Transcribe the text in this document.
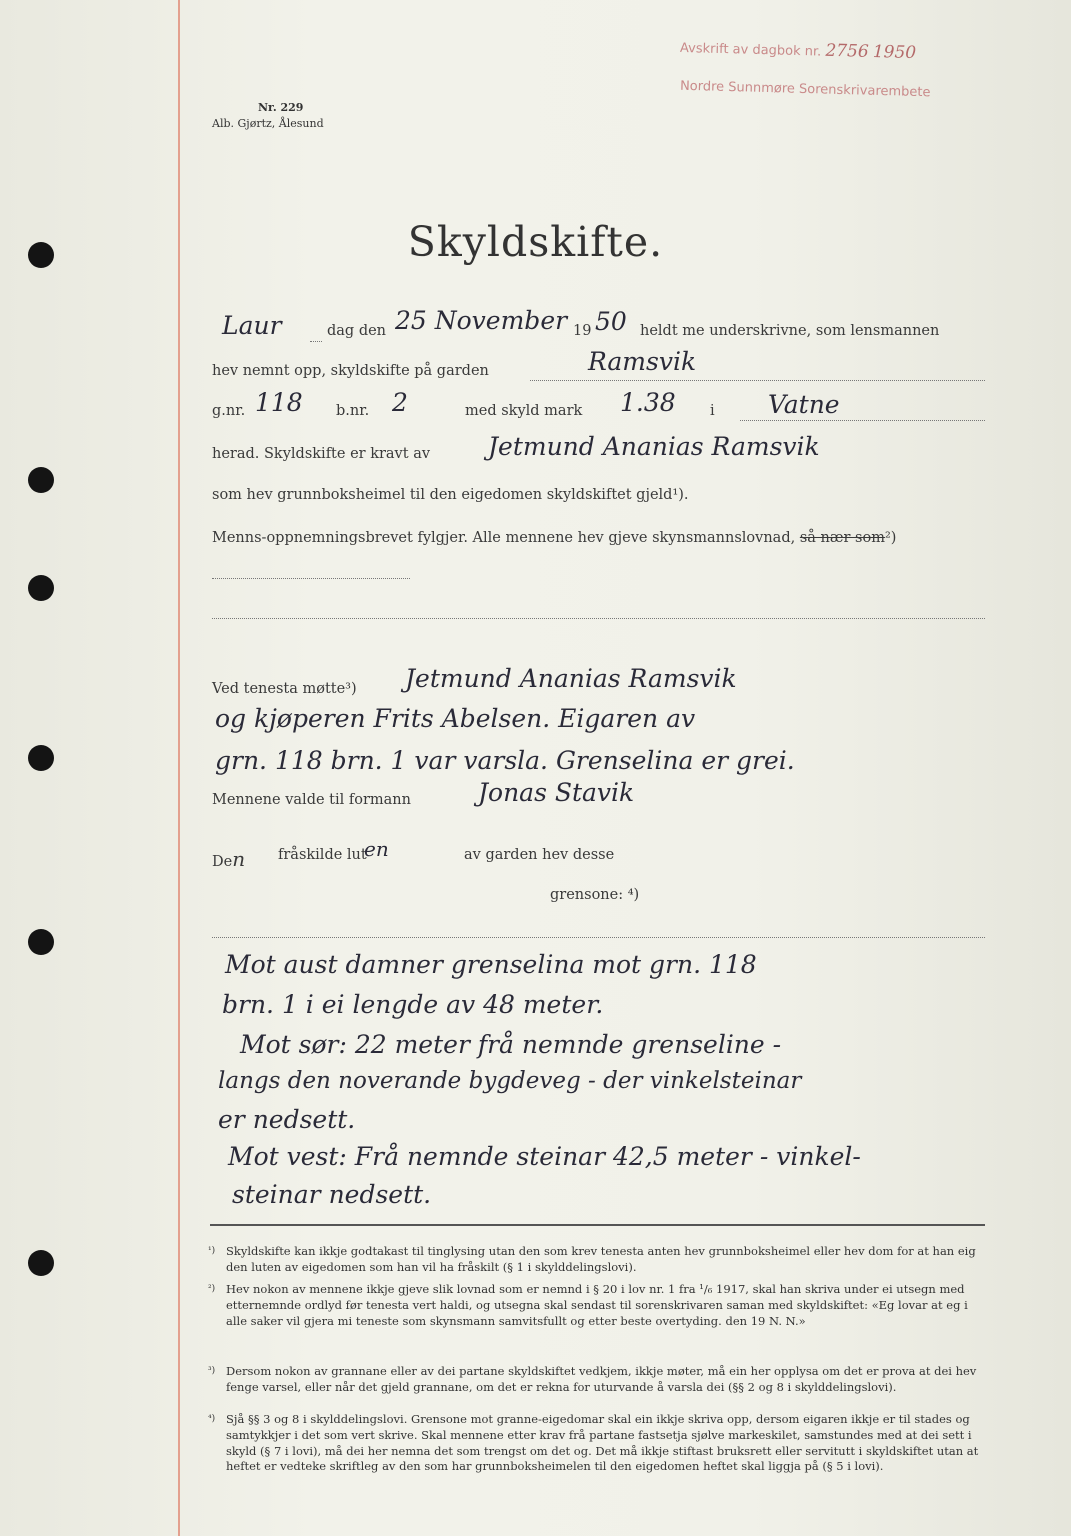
Avskrift av dagbok nr. 2756 1950
Nordre Sunnmøre Sorenskrivarembete
Nr. 229
Alb. Gjørtz, Ålesund
Skyldskifte.
Laur	dag den 25 November 19 50 heldt me underskrivne, som lensmannen
hev nemnt opp, skyldskifte på garden	Ramsvik
g.nr. 118 b.nr. 2	med skyld mark 1.38 i Vatne
herad. Skyldskifte er kravt av Jetmund Ananias Ramsvik
som hev grunnboksheimel til den eigedomen skyldskiftet gjeld¹).
Menns-oppnemningsbrevet fylgjer. Alle mennene hev gjeve skynsmannslovnad, så nær som²)
Ved tenesta møtte³) Jetmund Ananias Ramsvik
og kjøperen Frits Abelsen. Eigaren av
grn. 118 brn. 1 var varsla. Grenselina er grei.
Mennene valde til formann	Jonas Stavik
Den fråskilde lut
en	av garden hev desse
grensone: ⁴)
Mot aust damner grenselina mot grn. 118
brn. 1 i ei lengde av 48 meter.
Mot sør: 22 meter frå nemnde grenseline -
langs den noverande bygdeveg - der vinkelsteinar
er nedsett.
Mot vest: Frå nemnde steinar 42,5 meter - vinkel-
steinar nedsett.
¹) Skyldskifte kan ikkje godtakast til tinglysing utan den som krev tenesta anten hev grunnboksheimel eller hev dom for at han eig den luten av eigedomen som han vil ha fråskilt (§ 1 i skylddelingslovi).

²) Hev nokon av mennene ikkje gjeve slik lovnad som er nemnd i § 20 i lov nr. 1 fra ¹/₆ 1917, skal han skriva under ei utsegn med etternemnde ordlyd før tenesta vert haldi, og utsegna skal sendast til sorenskrivaren saman med skyldskiftet: «Eg lovar at eg i alle saker vil gjera mi teneste som skynsmann samvitsfullt og etter beste overtyding. den 19 N. N.»

³) Dersom nokon av grannane eller av dei partane skyldskiftet vedkjem, ikkje møter, må ein her opplysa om det er prova at dei hev fenge varsel, eller når det gjeld grannane, om det er rekna for uturvande å varsla dei (§§ 2 og 8 i skylddelingslovi).

⁴) Sjå §§ 3 og 8 i skylddelingslovi. Grensone mot granne-eigedomar skal ein ikkje skriva opp, dersom eigaren ikkje er til stades og samtykkjer i det som vert skrive. Skal mennene etter krav frå partane fastsetja sjølve markeskilet, samstundes med at dei sett i skyld (§ 7 i lovi), må dei her nemna det som trengst om det og. Det må ikkje stiftast bruksrett eller servitutt i skyldskiftet utan at heftet er vedteke skriftleg av den som har grunnboksheimelen til den eigedomen heftet skal liggja på (§ 5 i lovi).
